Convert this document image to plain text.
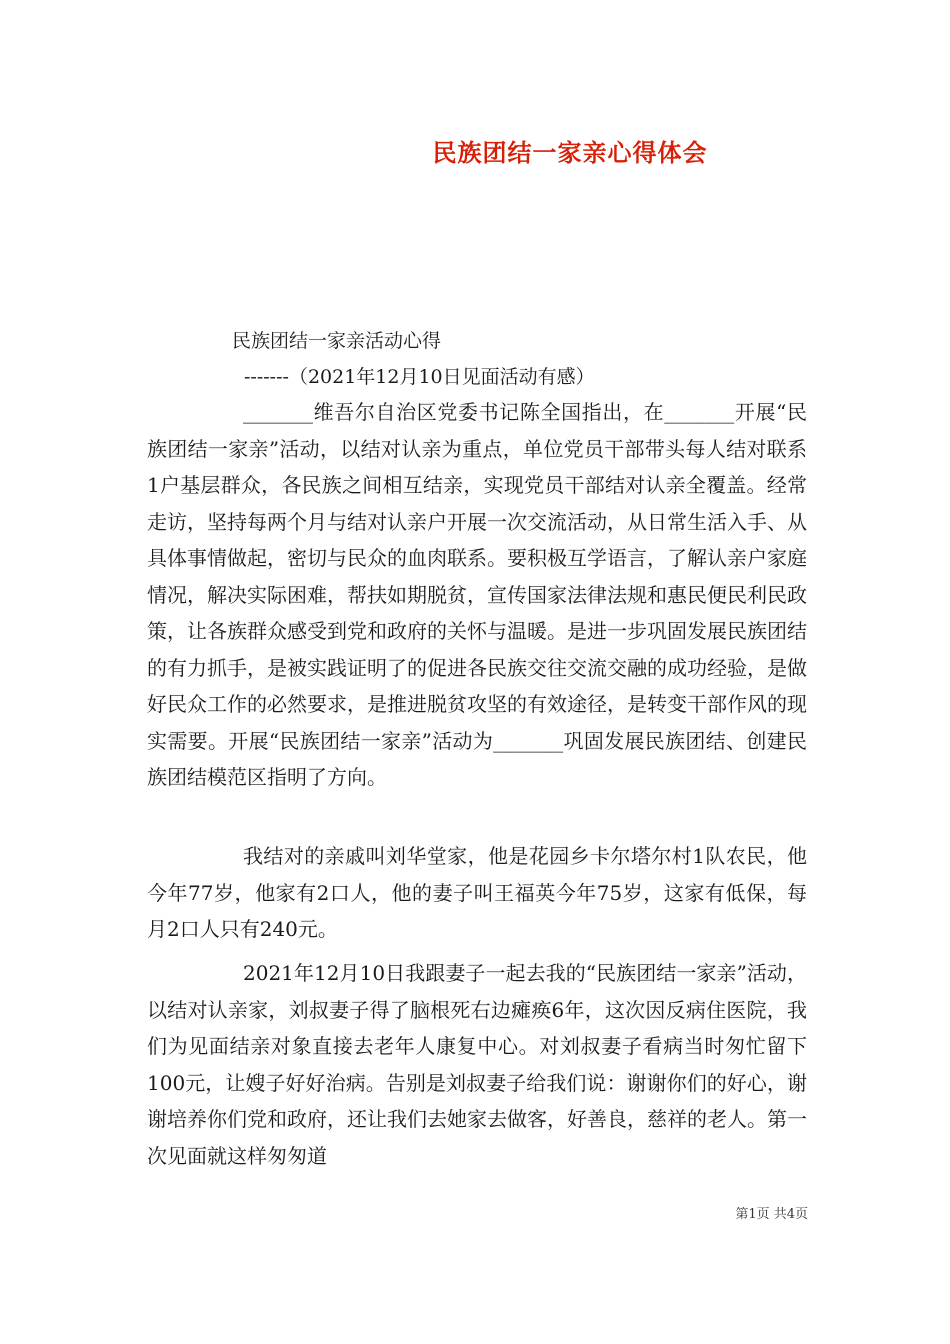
民族团结一家亲心得体会
民族团结一家亲活动心得
-------（2021年12月10日见面活动有感）

_______维吾尔自治区党委书记陈全国指出，在_______开展“民族团结一家亲”活动，以结对认亲为重点，单位党员干部带头每人结对联系1户基层群众，各民族之间相互结亲，实现党员干部结对认亲全覆盖。经常走访，坚持每两个月与结对认亲户开展一次交流活动，从日常生活入手、从具体事情做起，密切与民众的血肉联系。要积极互学语言，了解认亲户家庭情况，解决实际困难，帮扶如期脱贫，宣传国家法律法规和惠民便民利民政策，让各族群众感受到党和政府的关怀与温暖。是进一步巩固发展民族团结的有力抓手，是被实践证明了的促进各民族交往交流交融的成功经验，是做好民众工作的必然要求，是推进脱贫攻坚的有效途径，是转变干部作风的现实需要。开展“民族团结一家亲”活动为_______巩固发展民族团结、创建民族团结模范区指明了方向。

我结对的亲戚叫刘华堂家，他是花园乡卡尔塔尔村1队农民，他今年77岁，他家有2口人，他的妻子叫王福英今年75岁，这家有低保，每月2口人只有240元。

2021年12月10日我跟妻子一起去我的“民族团结一家亲”活动，以结对认亲家，刘叔妻子得了脑根死右边瘫痪6年，这次因反病住医院，我们为见面结亲对象直接去老年人康复中心。对刘叔妻子看病当时匆忙留下100元，让嫂子好好治病。告别是刘叔妻子给我们说：谢谢你们的好心，谢谢培养你们党和政府，还让我们去她家去做客，好善良，慈祥的老人。第一次见面就这样匆匆道

第1页 共4页
